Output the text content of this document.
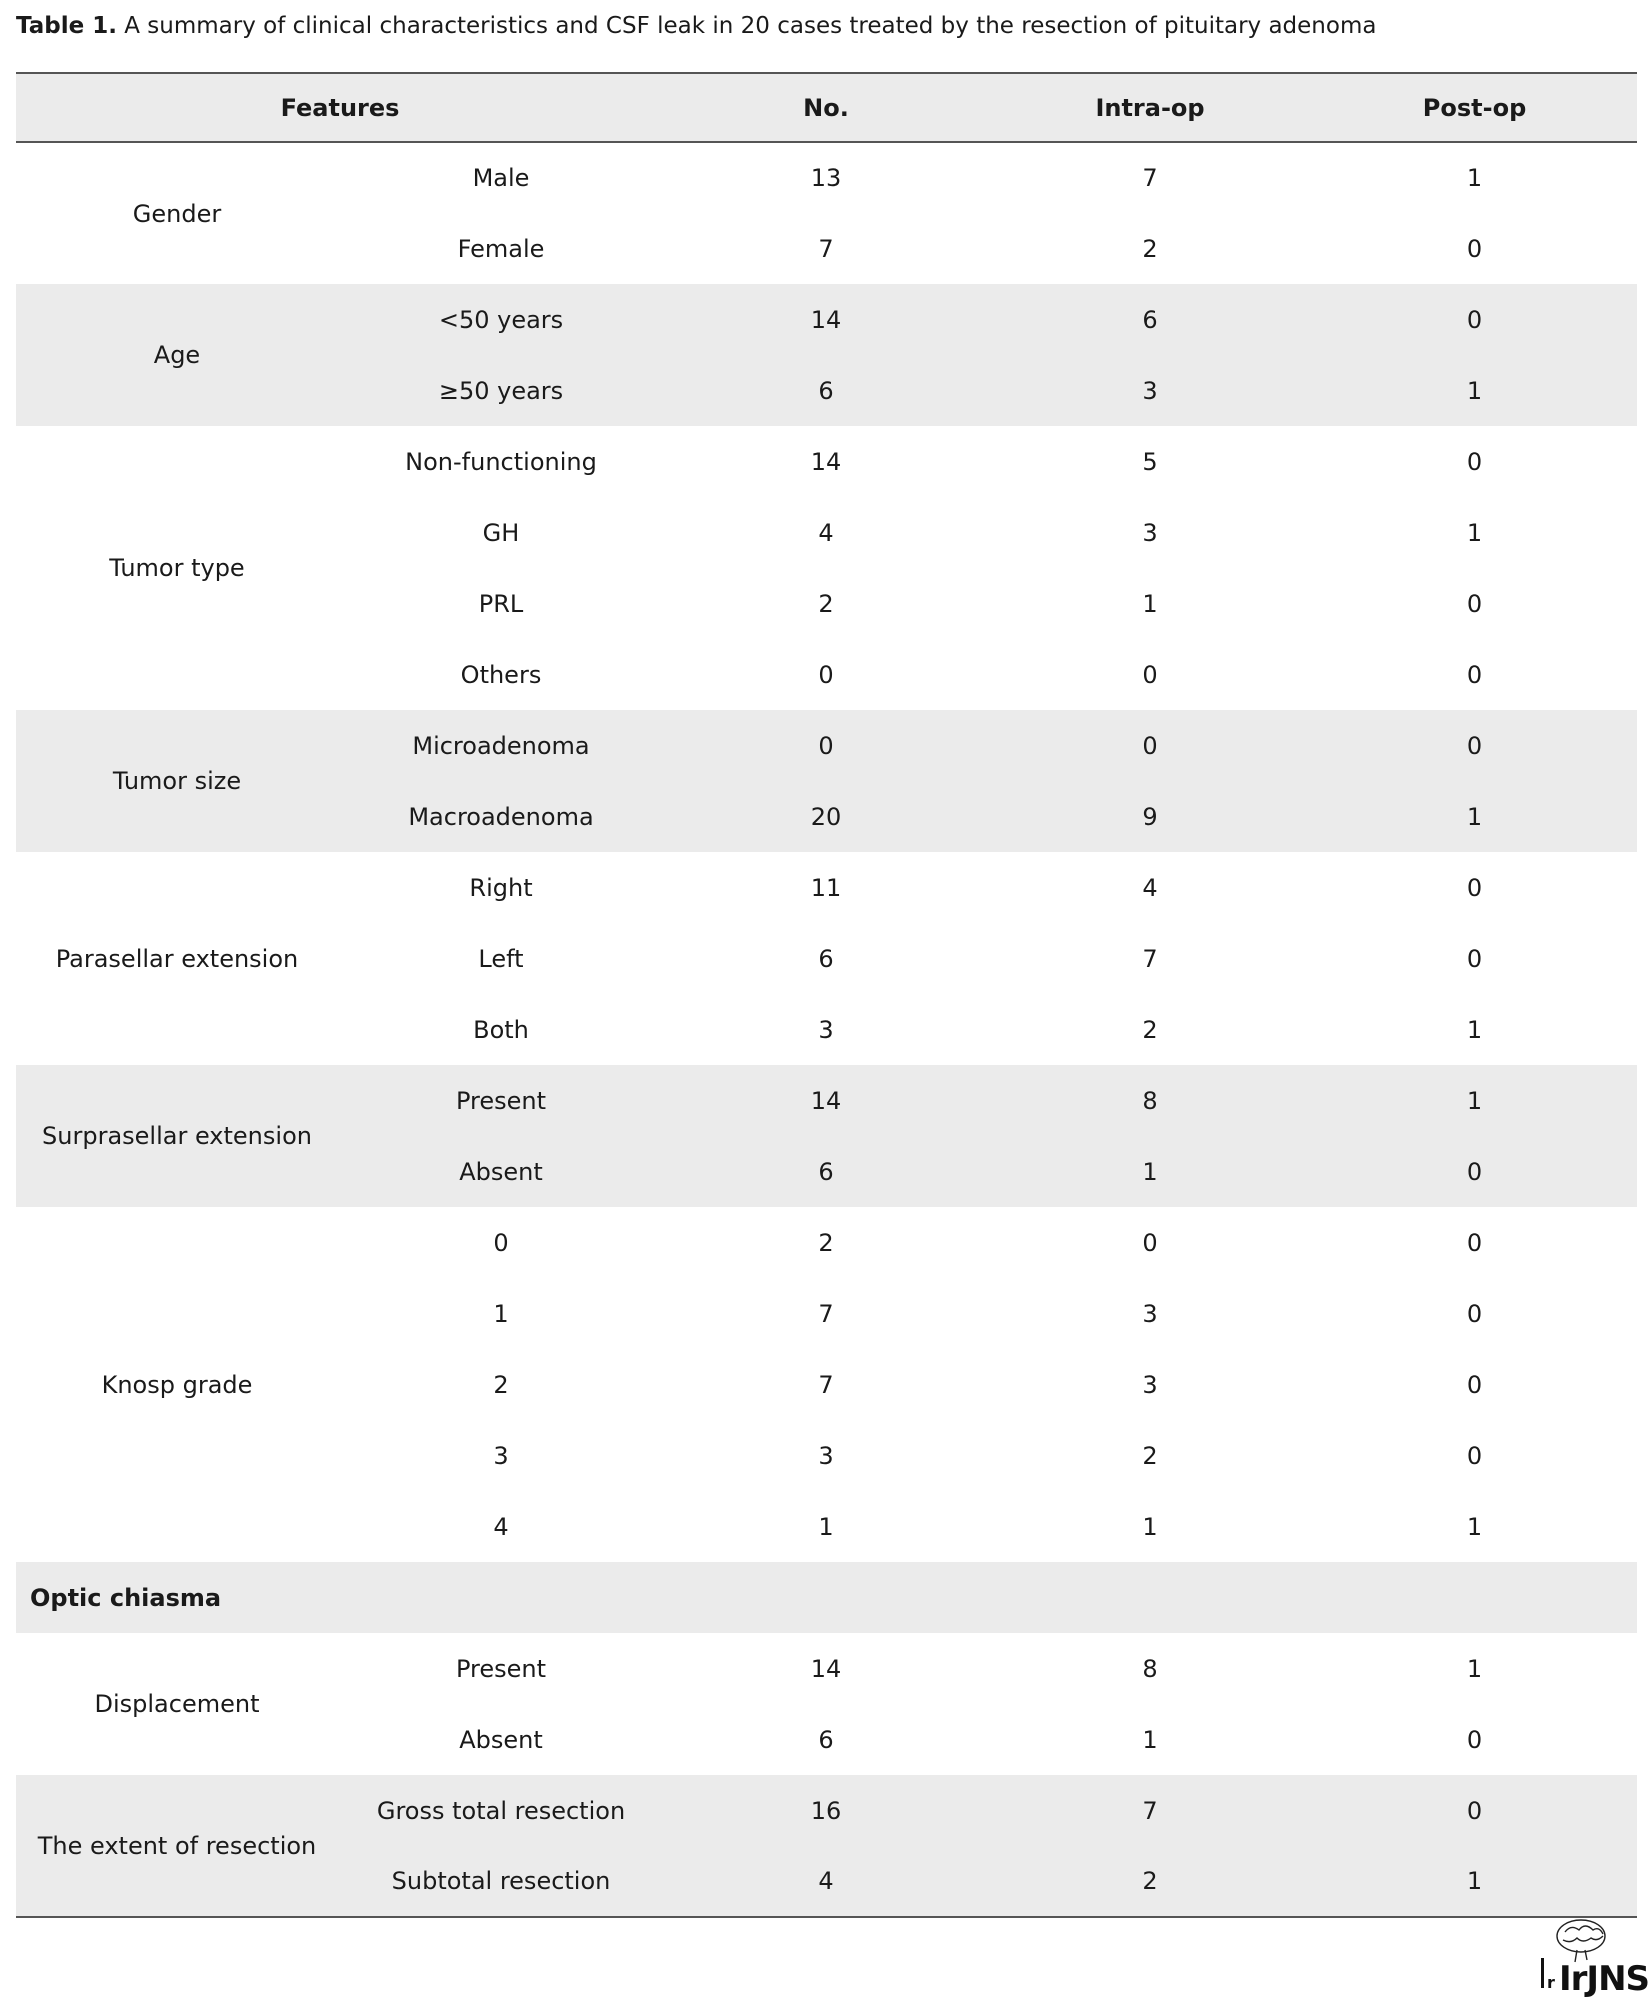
Table 1. A summary of clinical characteristics and CSF leak in 20 cases treated by the resection of pituitary adenoma
Features		No.	Intra-op	Post-op
Gender	Male	13	7	1
	Female	7	2	0
Age	<50 years	14	6	0
	≥50 years	6	3	1
Tumor type	Non-functioning	14	5	0
	GH	4	3	1
	PRL	2	1	0
	Others	0	0	0
Tumor size	Microadenoma	0	0	0
	Macroadenoma	20	9	1
Parasellar extension	Right	11	4	0
	Left	6	7	0
	Both	3	2	1
Surprasellar extension	Present	14	8	1
	Absent	6	1	0
Knosp grade	0	2	0	0
	1	7	3	0
	2	7	3	0
	3	3	2	0
	4	1	1	1
Optic chiasma				
Displacement	Present	14	8	1
	Absent	6	1	0
The extent of resection	Gross total resection	16	7	0
	Subtotal resection	4	2	1
r IrJNS
